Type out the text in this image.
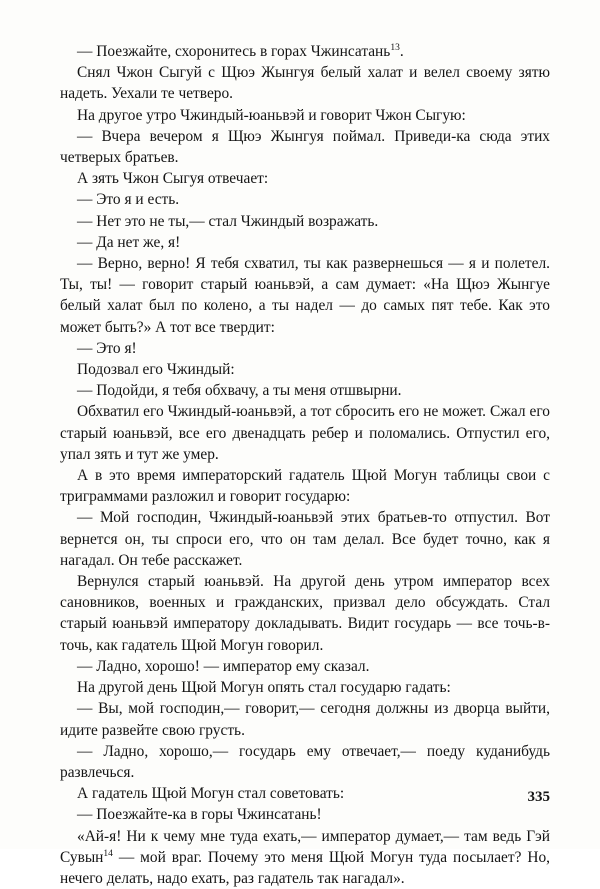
— Поезжайте, схоронитесь в горах Чжинсатань$^{13}$.

Снял Чжон Сыгуй с Щюэ Жынгуя белый халат и велел своему зятю надеть. Уехали те четверо.

На другое утро Чжиндый-юаньвэй и говорит Чжон Сыгую:

— Вчера вечером я Щюэ Жынгуя поймал. Приведи-ка сюда этих четверых братьев.

А зять Чжон Сыгуя отвечает:

— Это я и есть.

— Нет это не ты,— стал Чжиндый возражать.

— Да нет же, я!

— Верно, верно! Я тебя схватил, ты как развернешься — я и полетел. Ты, ты! — говорит старый юаньвэй, а сам думает: «На Щюэ Жынгуе белый халат был по колено, а ты надел — до самых пят тебе. Как это может быть?» А тот все твердит:

— Это я!

Подозвал его Чжиндый:

— Подойди, я тебя обхвачу, а ты меня отшвырни.

Обхватил его Чжиндый-юаньвэй, а тот сбросить его не может. Сжал его старый юаньвэй, все его двенадцать ребер и поломались. Отпустил его, упал зять и тут же умер.

А в это время императорский гадатель Щюй Могун таблицы свои с триграммами разложил и говорит государю:

— Мой господин, Чжиндый-юаньвэй этих братьев-то отпустил. Вот вернется он, ты спроси его, что он там делал. Все будет точно, как я нагадал. Он тебе расскажет.

Вернулся старый юаньвэй. На другой день утром император всех сановников, военных и гражданских, призвал дело обсуждать. Стал старый юаньвэй императору докладывать. Видит государь — все точь-в-точь, как гадатель Щюй Могун говорил.

— Ладно, хорошо! — император ему сказал.

На другой день Щюй Могун опять стал государю гадать:

— Вы, мой господин,— говорит,— сегодня должны из дворца выйти, идите развейте свою грусть.

— Ладно, хорошо,— государь ему отвечает,— поеду куданибудь развлечься.

А гадатель Щюй Могун стал советовать:

— Поезжайте-ка в горы Чжинсатань!

«Ай-я! Ни к чему мне туда ехать,— император думает,— там ведь Гэй Сувын$^{14}$ — мой враг. Почему это меня Щюй Могун туда посылает? Но, нечего делать, надо ехать, раз гадатель так нагадал».

335
